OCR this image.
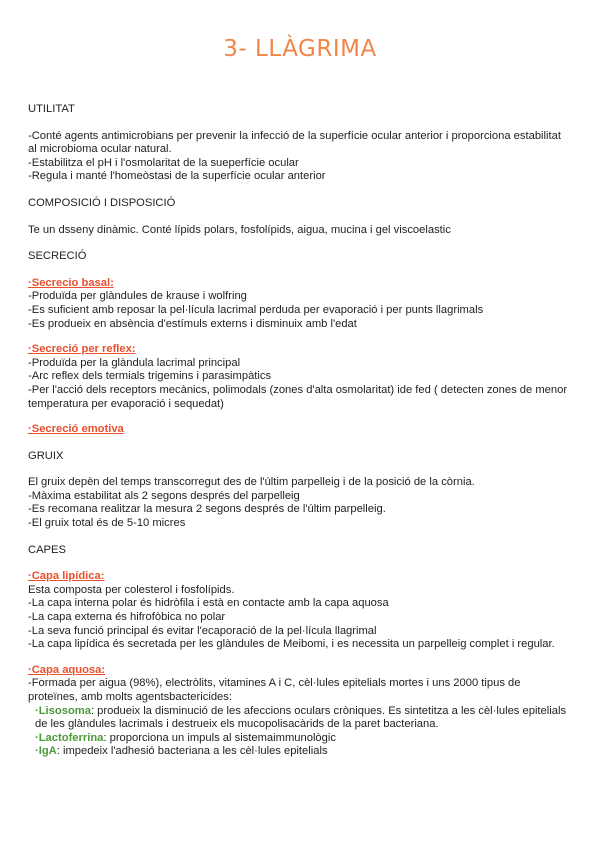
3- LLÀGRIMA
UTILITAT
-Conté agents antimicrobians per prevenir la infecció de la superfície ocular anterior i proporciona estabilitat al microbioma ocular natural.
-Estabilitza el pH i l'osmolaritat de la sueperfície ocular
-Regula i manté l'homeòstasi de la superfície ocular anterior
COMPOSICIÓ I DISPOSICIÓ
Te un dsseny dinàmic. Conté lípids polars, fosfolípids, aigua, mucina i gel viscoelastic
SECRECIÓ
·Secrecio basal:
-Produïda per glàndules de krause i wolfring
-Es suficient amb reposar la pel·lícula lacrimal perduda per evaporació i per punts llagrimals
-Es produeix en absència d'estímuls externs i disminuix amb l'edat
·Secreció per reflex:
-Produïda per la glàndula lacrimal principal
-Arc reflex dels termials trigemins i parasimpàtics
-Per l'acció dels receptors mecànics, polimodals (zones d'alta osmolaritat) ide fed ( detecten zones de menor temperatura per evaporació i sequedat)
·Secreció emotiva
GRUIX
El gruix depèn del temps transcorregut des de l'últim parpelleig i de la posició de la còrnia.
-Màxima estabilitat als 2 segons després del parpelleig
-Es recomana realitzar la mesura 2 segons després de l'últim parpelleig.
-El gruix total és de 5-10 micres
CAPES
·Capa lipídica:
Esta composta per colesterol i fosfolípids.
-La capa interna polar és hidròfila i està en contacte amb la capa aquosa
-La capa externa és hifrofòbica no polar
-La seva funció principal és evitar l'ecaporació de la pel·lícula llagrimal
-La capa lipídica és secretada per les glàndules de Meibomi, i es necessita un parpelleig complet i regular.
·Capa aquosa:
-Formada per aigua (98%), electròlits, vitamines A i C, cèl·lules epitelials mortes i uns 2000 tipus de proteïnes, amb molts agentsbactericides:
·Lisosoma: produeix la disminució de les afeccions oculars cròniques. Es sintetitza a les cèl·lules epitelials de les glàndules lacrimals i destrueix els mucopolisacàrids de la paret bacteriana.
·Lactoferrina: proporciona un impuls al sistemaimmunològic
·IgA: impedeix l'adhesió bacteriana a les cèl·lules epitelials
